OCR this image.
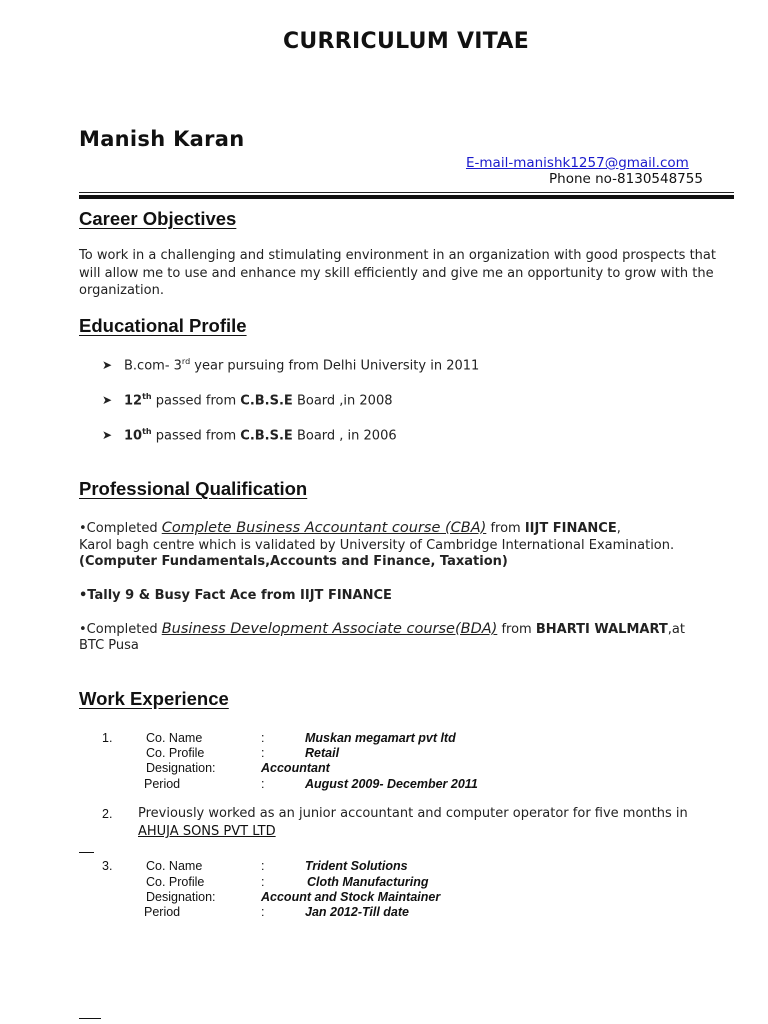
CURRICULUM VITAE
Manish Karan
E-mail-manishk1257@gmail.com
Phone no-8130548755
Career Objectives
To work in a challenging and stimulating environment in an organization with good prospects that will allow me to use and enhance my skill efficiently and give me an opportunity to grow with the organization.
Educational Profile
➤ B.com- 3rd year pursuing from Delhi University in 2011
➤ 12th passed from C.B.S.E Board ,in 2008
➤ 10th passed from C.B.S.E Board , in 2006
Professional Qualification
•Completed Complete Business Accountant course (CBA) from IIJT FINANCE,
Karol bagh centre which is validated by University of Cambridge International Examination.
(Computer Fundamentals,Accounts and Finance, Taxation)
•Tally 9 & Busy Fact Ace from IIJT FINANCE
•Completed Business Development Associate course(BDA) from BHARTI WALMART,at
BTC Pusa
Work Experience
1.	Co. Name	:	Muskan megamart pvt ltd
Co. Profile	:	Retail
Designation:	Accountant
Period	:	August 2009- December 2011
2. Previously worked as an junior accountant and computer operator for five months in
AHUJA SONS PVT LTD
3.	Co. Name	:	Trident Solutions
Co. Profile	:	Cloth Manufacturing
Designation:	Account and Stock Maintainer
Period	:	Jan 2012-Till date
